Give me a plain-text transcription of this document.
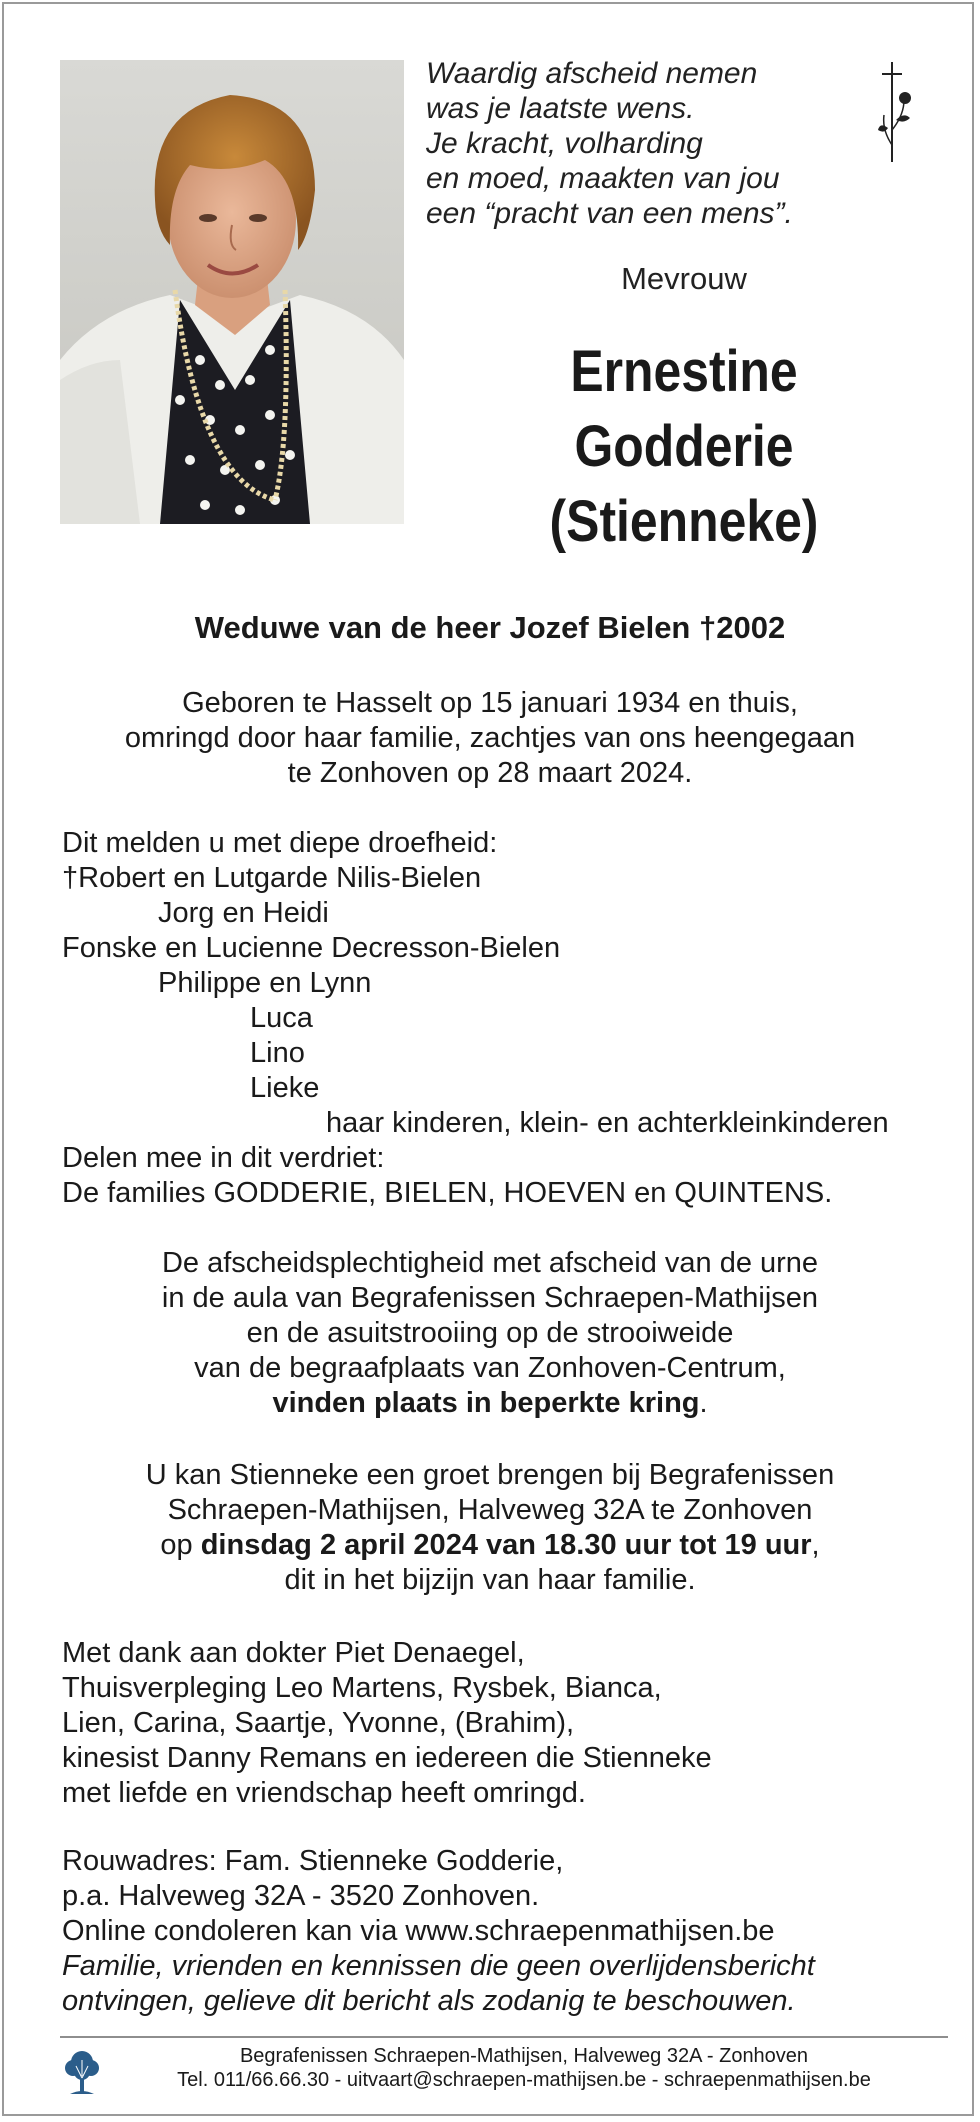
Waardig afscheid nemen
was je laatste wens.
Je kracht, volharding
en moed, maakten van jou
een “pracht van een mens”.
Mevrouw
Ernestine
Godderie
(Stienneke)
Weduwe van de heer Jozef Bielen †2002
Geboren te Hasselt op 15 januari 1934 en thuis,
omringd door haar familie, zachtjes van ons heengegaan
te Zonhoven op 28 maart 2024.
Dit melden u met diepe droefheid:
†Robert en Lutgarde Nilis-Bielen
Jorg en Heidi
Fonske en Lucienne Decresson-Bielen
Philippe en Lynn
Luca
Lino
Lieke
haar kinderen, klein- en achterkleinkinderen
Delen mee in dit verdriet:
De families GODDERIE, BIELEN, HOEVEN en QUINTENS.
De afscheidsplechtigheid met afscheid van de urne
in de aula van Begrafenissen Schraepen-Mathijsen
en de asuitstrooiing op de strooiweide
van de begraafplaats van Zonhoven-Centrum,
vinden plaats in beperkte kring.
U kan Stienneke een groet brengen bij Begrafenissen
Schraepen-Mathijsen, Halveweg 32A te Zonhoven
op dinsdag 2 april 2024 van 18.30 uur tot 19 uur,
dit in het bijzijn van haar familie.
Met dank aan dokter Piet Denaegel,
Thuisverpleging Leo Martens, Rysbek, Bianca,
Lien, Carina, Saartje, Yvonne, (Brahim),
kinesist Danny Remans en iedereen die Stienneke
met liefde en vriendschap heeft omringd.
Rouwadres: Fam. Stienneke Godderie,
p.a. Halveweg 32A - 3520 Zonhoven.
Online condoleren kan via www.schraepenmathijsen.be
Familie, vrienden en kennissen die geen overlijdensbericht
ontvingen, gelieve dit bericht als zodanig te beschouwen.
Begrafenissen Schraepen-Mathijsen, Halveweg 32A - Zonhoven
Tel. 011/66.66.30 - uitvaart@schraepen-mathijsen.be - schraepenmathijsen.be
